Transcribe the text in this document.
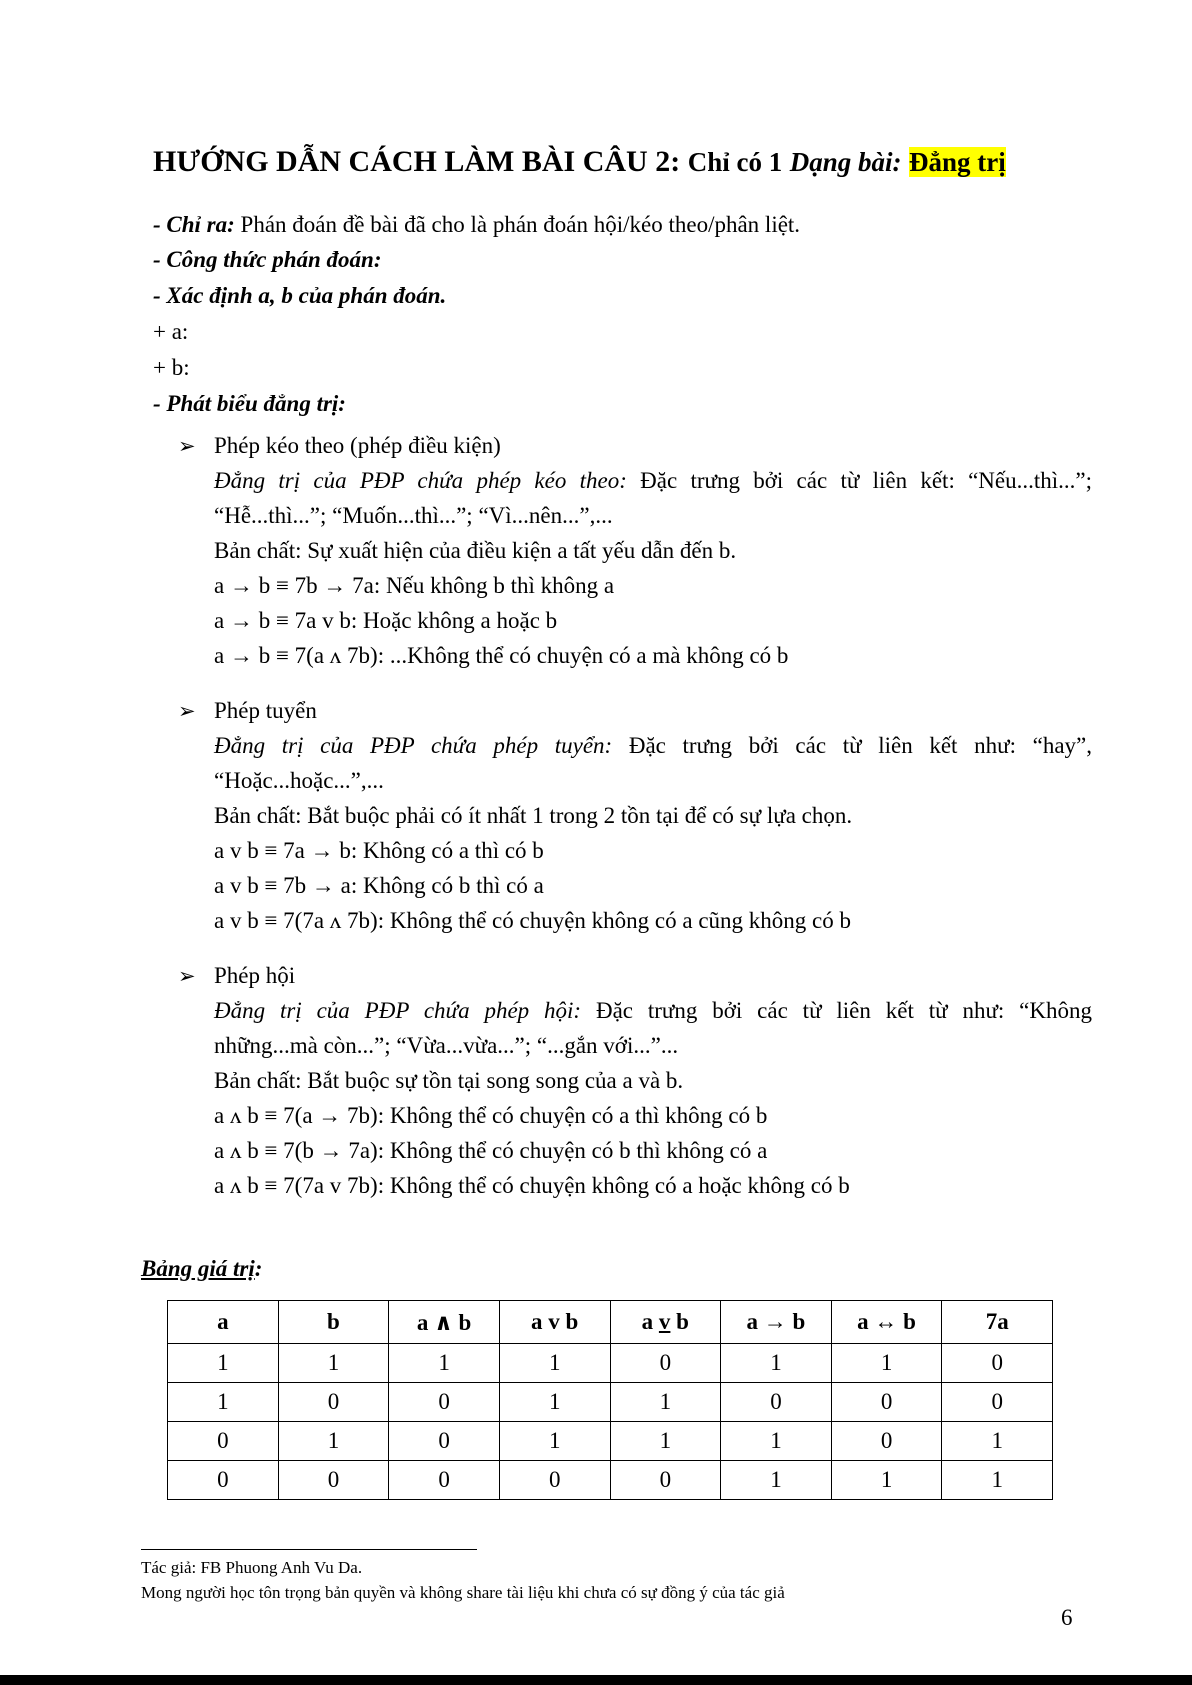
HƯỚNG DẪN CÁCH LÀM BÀI CÂU 2: Chỉ có 1 Dạng bài: Đẳng trị
- Chỉ ra: Phán đoán đề bài đã cho là phán đoán hội/kéo theo/phân liệt.
- Công thức phán đoán:
- Xác định a, b của phán đoán.
+ a:
+ b:
- Phát biểu đẳng trị:
➢ Phép kéo theo (phép điều kiện)
Đẳng trị của PĐP chứa phép kéo theo: Đặc trưng bởi các từ liên kết: “Nếu...thì...”;
“Hễ...thì...”; “Muốn...thì...”; “Vì...nên...”,...
Bản chất: Sự xuất hiện của điều kiện a tất yếu dẫn đến b.
a → b ≡ 7b → 7a: Nếu không b thì không a
a → b ≡ 7a v b: Hoặc không a hoặc b
a → b ≡ 7(a ʌ 7b): ...Không thể có chuyện có a mà không có b
➢ Phép tuyển
Đẳng trị của PĐP chứa phép tuyển: Đặc trưng bởi các từ liên kết như: “hay”,
“Hoặc...hoặc...”,...
Bản chất: Bắt buộc phải có ít nhất 1 trong 2 tồn tại để có sự lựa chọn.
a v b ≡ 7a → b: Không có a thì có b
a v b ≡ 7b → a: Không có b thì có a
a v b ≡ 7(7a ʌ 7b): Không thể có chuyện không có a cũng không có b
➢ Phép hội
Đẳng trị của PĐP chứa phép hội: Đặc trưng bởi các từ liên kết từ như: “Không
những...mà còn...”; “Vừa...vừa...”; “...gắn với...”...
Bản chất: Bắt buộc sự tồn tại song song của a và b.
a ʌ b ≡ 7(a → 7b): Không thể có chuyện có a thì không có b
a ʌ b ≡ 7(b → 7a): Không thể có chuyện có b thì không có a
a ʌ b ≡ 7(7a v 7b): Không thể có chuyện không có a hoặc không có b
Bảng giá trị:
a	b	a ∧ b	a v b	a v b	a → b	a ↔ b	7a
1	1	1	1	0	1	1	0
1	0	0	1	1	0	0	0
0	1	0	1	1	1	0	1
0	0	0	0	0	1	1	1
Tác giả: FB Phuong Anh Vu Da.
Mong người học tôn trọng bản quyền và không share tài liệu khi chưa có sự đồng ý của tác giả
6
